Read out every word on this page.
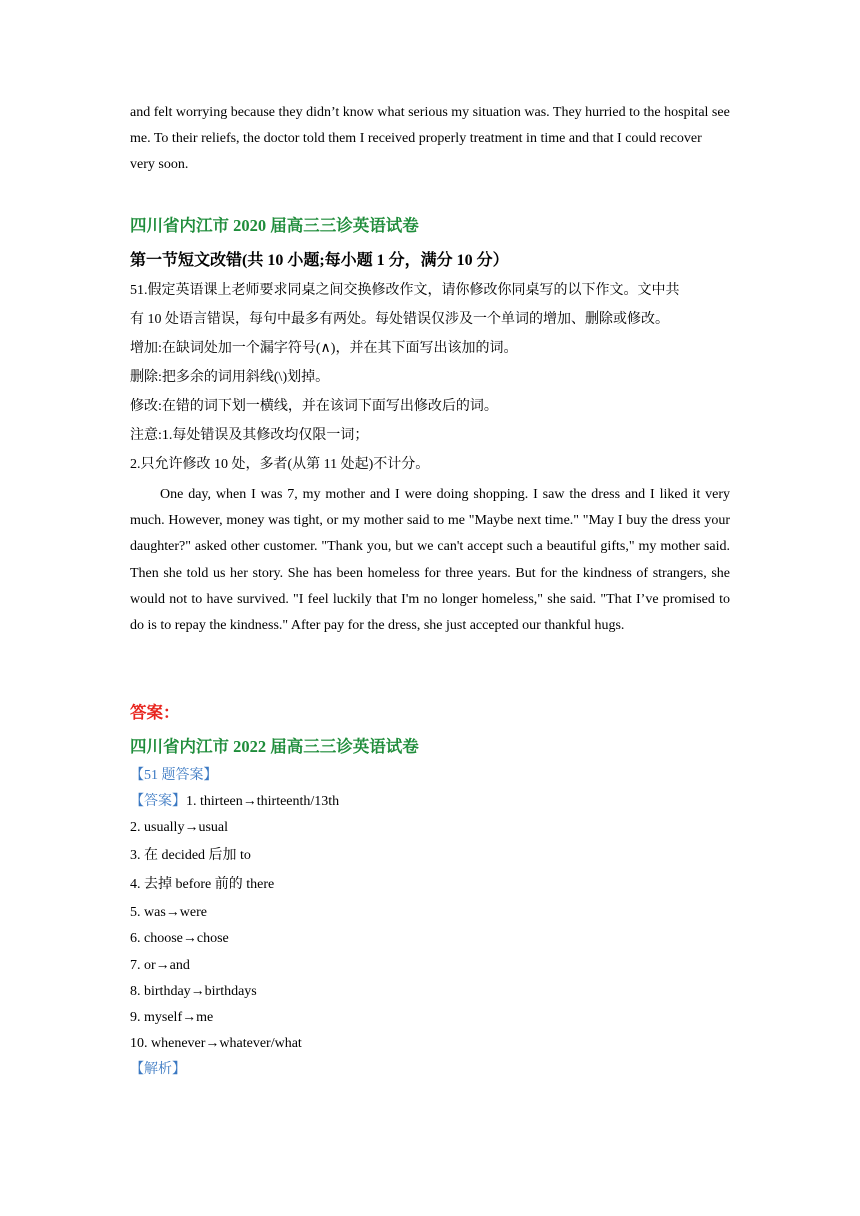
and felt worrying because they didn’t know what serious my situation was. They hurried to the hospital see me. To their reliefs, the doctor told them I received properly treatment in time and that I could recover very soon.

四川省内江市 2020 届高三三诊英语试卷

第一节短文改错(共 10 小题;每小题 1 分，满分 10 分）

51.假定英语课上老师要求同桌之间交换修改作文，请你修改你同桌写的以下作文。文中共

有 10 处语言错误，每句中最多有两处。每处错误仅涉及一个单词的增加、删除或修改。

增加:在缺词处加一个漏字符号(∧)，并在其下面写出该加的词。

删除:把多余的词用斜线(\)划掉。

修改:在错的词下划一横线，并在该词下面写出修改后的词。

注意:1.每处错误及其修改均仅限一词；

2.只允许修改 10 处，多者(从第 11 处起)不计分。

One day, when I was 7, my mother and I were doing shopping. I saw the dress and I liked it very much. However, money was tight, or my mother said to me "Maybe next time." "May I buy the dress your daughter?" asked other customer. "Thank you, but we can't accept such a beautiful gifts," my mother said. Then she told us her story. She has been homeless for three years. But for the kindness of strangers, she would not to have survived. "I feel luckily that I'm no longer homeless," she said. "That I’ve promised to do is to repay the kindness." After pay for the dress, she just accepted our thankful hugs.

答案：

四川省内江市 2022 届高三三诊英语试卷

【51 题答案】

【答案】1. thirteen→thirteenth/13th

2. usually→usual

3. 在 decided 后加 to

4. 去掉 before 前的 there

5. was→were

6. choose→chose

7. or→and

8. birthday→birthdays

9. myself→me

10. whenever→whatever/what

【解析】
